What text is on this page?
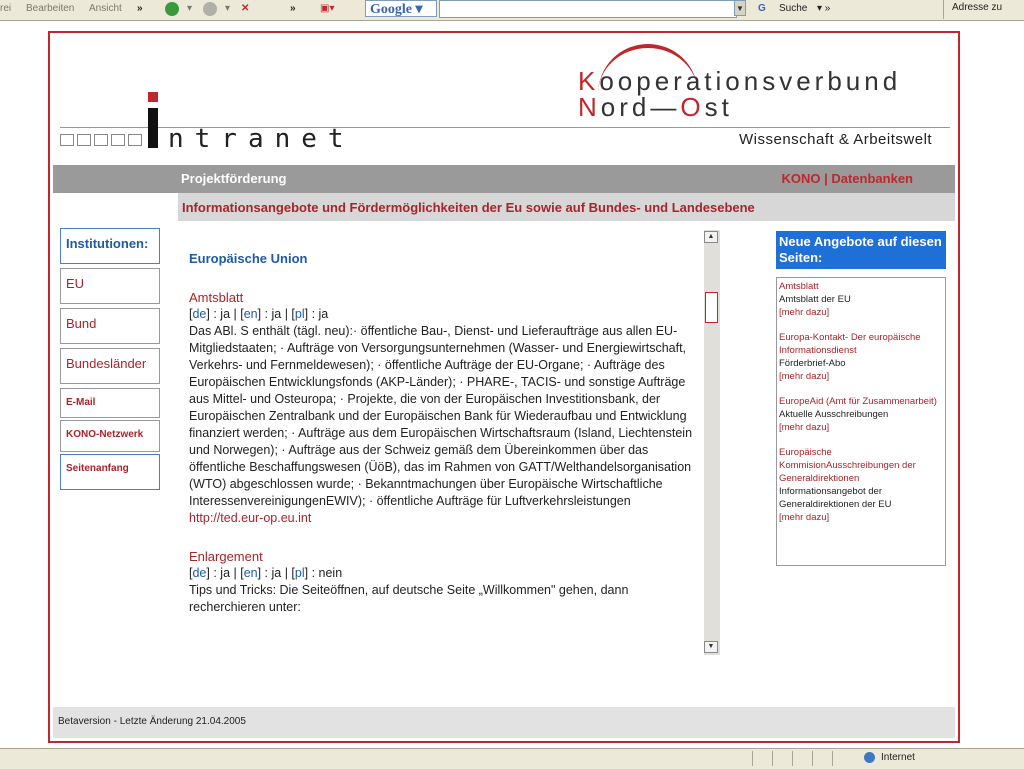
rei Bearbeiten Ansicht »	▾	▾ ✕	» ▣▾	Google ▾	▼ G Suche ▾ »	Adresse zu
ntranet
Kooperationsverbund
Nord—Ost
Wissenschaft & Arbeitswelt
Projektförderung	KONO | Datenbanken
Informationsangebote und Fördermöglichkeiten der Eu sowie auf Bundes- und Landesebene
Institutionen:
EU
Bund
Bundesländer
E-Mail
KONO-Netzwerk
Seitenanfang
Europäische Union
Amtsblatt
[de] : ja | [en] : ja | [pl] : ja

Das ABl. S enthält (tägl. neu):· öffentliche Bau-, Dienst- und Lieferaufträge aus allen EU-Mitgliedstaaten; · Aufträge von Versorgungsunternehmen (Wasser- und Energiewirtschaft, Verkehrs- und Fernmeldewesen); · öffentliche Aufträge der EU-Organe; · Aufträge des Europäischen Entwicklungsfonds (AKP-Länder); · PHARE-, TACIS- und sonstige Aufträge aus Mittel- und Osteuropa; · Projekte, die von der Europäischen Investitionsbank, der Europäischen Zentralbank und der Europäischen Bank für Wiederaufbau und Entwicklung finanziert werden; · Aufträge aus dem Europäischen Wirtschaftsraum (Island, Liechtenstein und Norwegen); · Aufträge aus der Schweiz gemäß dem Übereinkommen über das öffentliche Beschaffungswesen (ÜöB), das im Rahmen von GATT/Welthandelsorganisation (WTO) abgeschlossen wurde; · Bekanntmachungen über Europäische Wirtschaftliche InteressenvereinigungenEWIV); · öffentliche Aufträge für Luftverkehrsleistungen

http://ted.eur-op.eu.int
Enlargement
[de] : ja | [en] : ja | [pl] : nein

Tips und Tricks: Die Seiteöffnen, auf deutsche Seite „Willkommen" gehen, dann recherchieren unter:

▲
▼
Neue Angebote auf diesen Seiten:
Amtsblatt
Amtsblatt der EU
[mehr dazu]
Europa-Kontakt- Der europäische Informationsdienst
Förderbrief-Abo
[mehr dazu]
EuropeAid (Amt für Zusammenarbeit)
Aktuelle Ausschreibungen
[mehr dazu]
Europäische KommisionAusschreibungen der Generaldirektionen
Informationsangebot der Generaldirektionen der EU
[mehr dazu]
Betaversion - Letzte Änderung 21.04.2005
Internet
